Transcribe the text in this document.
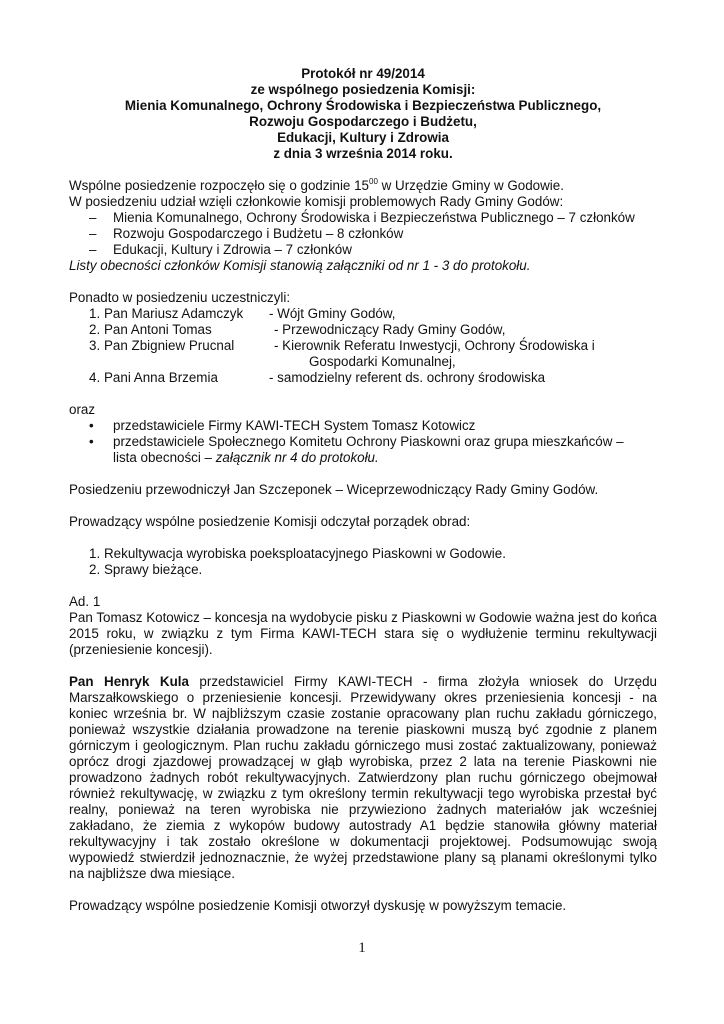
Protokół nr 49/2014
ze wspólnego posiedzenia Komisji:
Mienia Komunalnego, Ochrony Środowiska i Bezpieczeństwa Publicznego,
Rozwoju Gospodarczego i Budżetu,
Edukacji, Kultury i Zdrowia
z dnia 3 września 2014 roku.

Wspólne posiedzenie rozpoczęło się o godzinie $15^{00}$ w Urzędzie Gminy w Godowie.

W posiedzeniu udział wzięli członkowie komisji problemowych Rady Gminy Godów:

– Mienia Komunalnego, Ochrony Środowiska i Bezpieczeństwa Publicznego – 7 członków
– Rozwoju Gospodarczego i Budżetu – 8 członków
– Edukacji, Kultury i Zdrowia – 7 członków

Listy obecności członków Komisji stanowią załączniki od nr 1 - 3 do protokołu.

Ponadto w posiedzeniu uczestniczyli:

1. Pan Mariusz Adamczyk - Wójt Gminy Godów,
2. Pan Antoni Tomas	- Przewodniczący Rady Gminy Godów,
3. Pan Zbigniew Prucnal	- Kierownik Referatu Inwestycji, Ochrony Środowiska i
Gospodarki Komunalnej,
4. Pani Anna Brzemia	- samodzielny referent ds. ochrony środowiska

oraz

• przedstawiciele Firmy KAWI-TECH System Tomasz Kotowicz
• przedstawiciele Społecznego Komitetu Ochrony Piaskowni oraz grupa mieszkańców –
lista obecności – załącznik nr 4 do protokołu.

Posiedzeniu przewodniczył Jan Szczeponek – Wiceprzewodniczący Rady Gminy Godów.

Prowadzący wspólne posiedzenie Komisji odczytał porządek obrad:

1. Rekultywacja wyrobiska poeksploatacyjnego Piaskowni w Godowie.
2. Sprawy bieżące.

Ad. 1

Pan Tomasz Kotowicz – koncesja na wydobycie pisku z Piaskowni w Godowie ważna jest do końca 2015 roku, w związku z tym Firma KAWI-TECH stara się o wydłużenie terminu rekultywacji (przeniesienie koncesji).

Pan Henryk Kula przedstawiciel Firmy KAWI-TECH - firma złożyła wniosek do Urzędu Marszałkowskiego o przeniesienie koncesji. Przewidywany okres przeniesienia koncesji - na koniec września br. W najbliższym czasie zostanie opracowany plan ruchu zakładu górniczego, ponieważ wszystkie działania prowadzone na terenie piaskowni muszą być zgodnie z planem górniczym i geologicznym. Plan ruchu zakładu górniczego musi zostać zaktualizowany, ponieważ oprócz drogi zjazdowej prowadzącej w głąb wyrobiska, przez 2 lata na terenie Piaskowni nie prowadzono żadnych robót rekultywacyjnych. Zatwierdzony plan ruchu górniczego obejmował również rekultywację, w związku z tym określony termin rekultywacji tego wyrobiska przestał być realny, ponieważ na teren wyrobiska nie przywieziono żadnych materiałów jak wcześniej zakładano, że ziemia z wykopów budowy autostrady A1 będzie stanowiła główny materiał rekultywacyjny i tak zostało określone w dokumentacji projektowej. Podsumowując swoją wypowiedź stwierdził jednoznacznie, że wyżej przedstawione plany są planami określonymi tylko na najbliższe dwa miesiące.

Prowadzący wspólne posiedzenie Komisji otworzył dyskusję w powyższym temacie.

1
